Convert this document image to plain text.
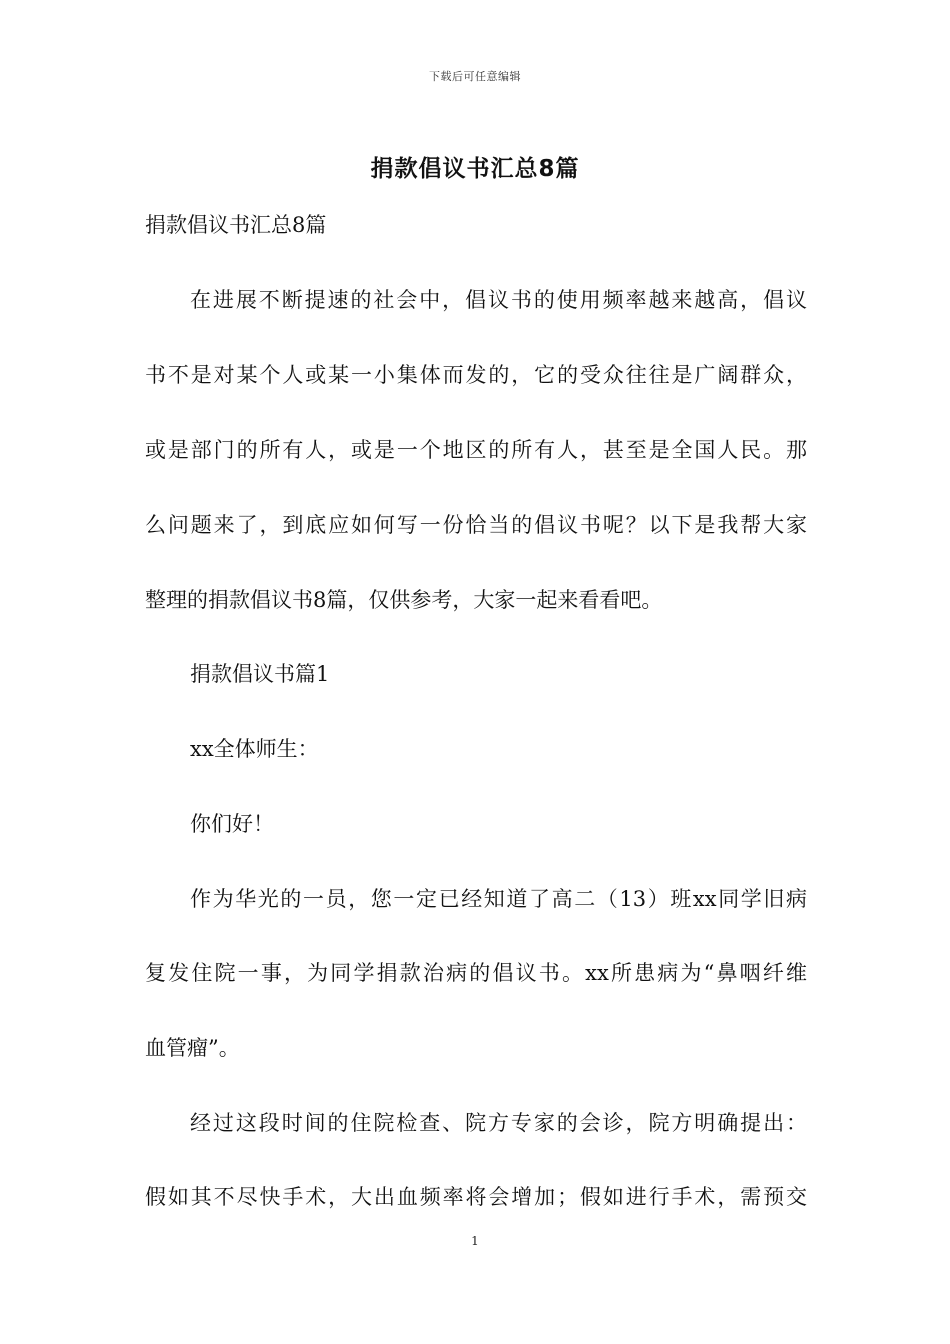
下载后可任意编辑
捐款倡议书汇总8篇
捐款倡议书汇总8篇
在进展不断提速的社会中，倡议书的使用频率越来越高，倡议
书不是对某个人或某一小集体而发的，它的受众往往是广阔群众，
或是部门的所有人，或是一个地区的所有人，甚至是全国人民。那
么问题来了，到底应如何写一份恰当的倡议书呢？以下是我帮大家
整理的捐款倡议书8篇，仅供参考，大家一起来看看吧。
捐款倡议书篇1
xx全体师生：
你们好！
作为华光的一员，您一定已经知道了高二（13）班xx同学旧病
复发住院一事，为同学捐款治病的倡议书。xx所患病为“鼻咽纤维
血管瘤”。
经过这段时间的住院检查、院方专家的会诊，院方明确提出：
假如其不尽快手术，大出血频率将会增加；假如进行手术，需预交
1
